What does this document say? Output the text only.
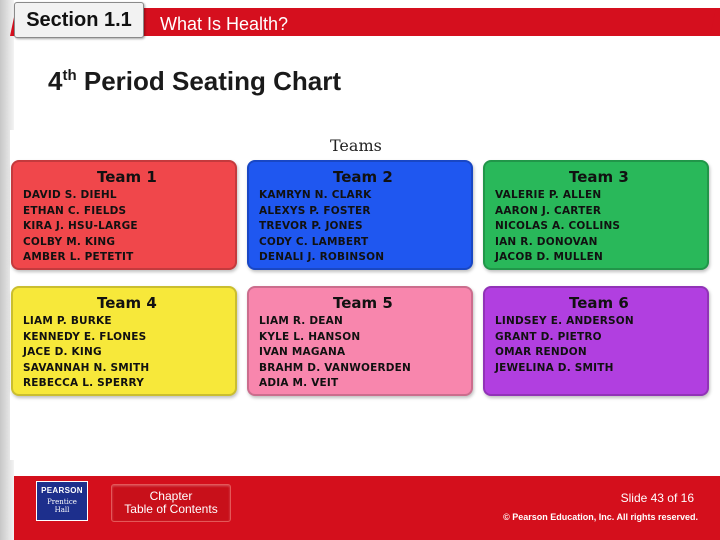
Section 1.1 What Is Health?
4th Period Seating Chart
Teams
Team 1
DAVID S. DIEHL
ETHAN C. FIELDS
KIRA J. HSU-LARGE
COLBY M. KING
AMBER L. PETETIT
Team 2
KAMRYN N. CLARK
ALEXYS P. FOSTER
TREVOR P. JONES
CODY C. LAMBERT
DENALI J. ROBINSON
Team 3
VALERIE P. ALLEN
AARON J. CARTER
NICOLAS A. COLLINS
IAN R. DONOVAN
JACOB D. MULLEN
Team 4
LIAM P. BURKE
KENNEDY E. FLONES
JACE D. KING
SAVANNAH N. SMITH
REBECCA L. SPERRY
Team 5
LIAM R. DEAN
KYLE L. HANSON
IVAN MAGANA
BRAHM D. VANWOERDEN
ADIA M. VEIT
Team 6
LINDSEY E. ANDERSON
GRANT D. PIETRO
OMAR RENDON
JEWELINA D. SMITH
PEARSON
Prentice
Hall
Chapter
Table of Contents
Slide 43 of 16
© Pearson Education, Inc. All rights reserved.
